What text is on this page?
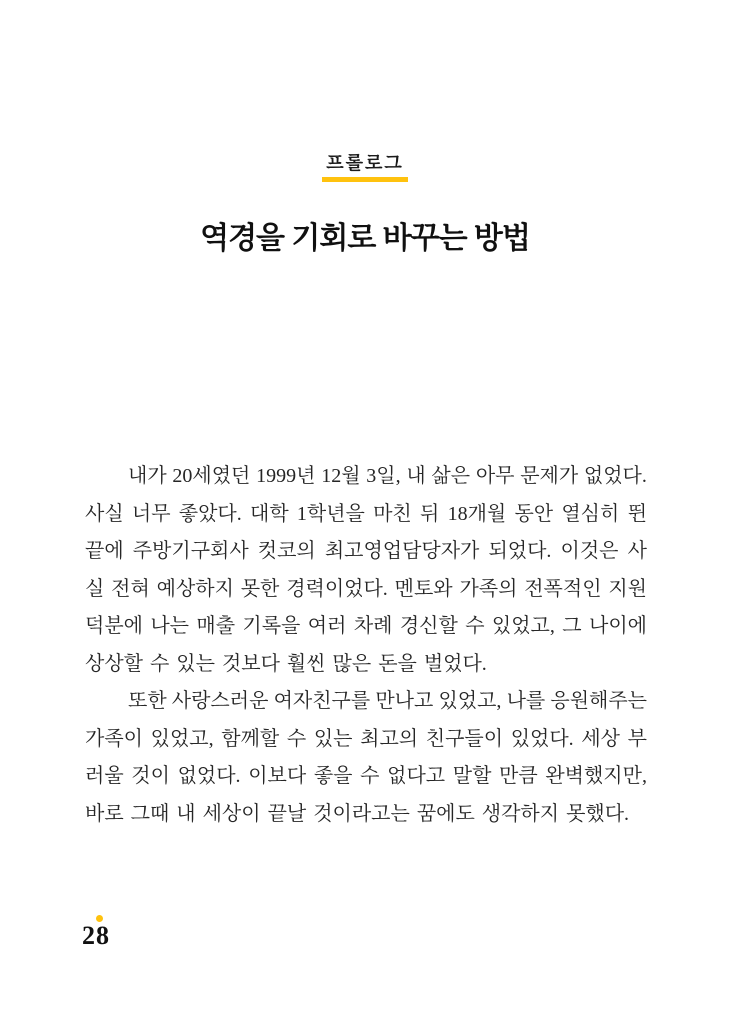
프롤로그
역경을 기회로 바꾸는 방법
내가 20세였던 1999년 12월 3일, 내 삶은 아무 문제가 없었다.
사실 너무 좋았다. 대학 1학년을 마친 뒤 18개월 동안 열심히 뛴
끝에 주방기구회사 컷코의 최고영업담당자가 되었다. 이것은 사
실 전혀 예상하지 못한 경력이었다. 멘토와 가족의 전폭적인 지원
덕분에 나는 매출 기록을 여러 차례 경신할 수 있었고, 그 나이에
상상할 수 있는 것보다 훨씬 많은 돈을 벌었다.
또한 사랑스러운 여자친구를 만나고 있었고, 나를 응원해주는
가족이 있었고, 함께할 수 있는 최고의 친구들이 있었다. 세상 부
러울 것이 없었다. 이보다 좋을 수 없다고 말할 만큼 완벽했지만,
바로 그때 내 세상이 끝날 것이라고는 꿈에도 생각하지 못했다.
28
